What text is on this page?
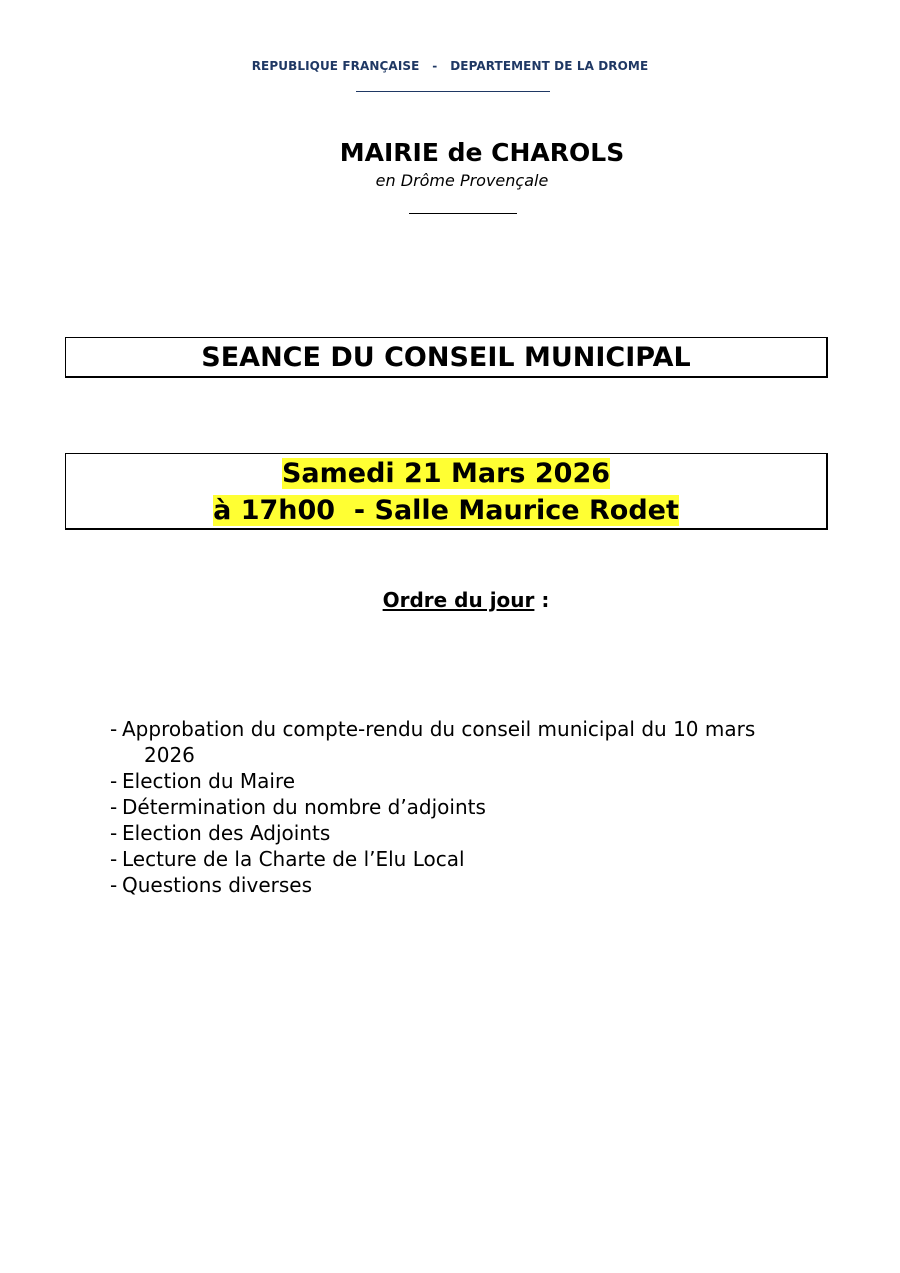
REPUBLIQUE FRANÇAISE - DEPARTEMENT DE LA DROME
MAIRIE de CHAROLS
en Drôme Provençale
SEANCE DU CONSEIL MUNICIPAL
Samedi 21 Mars 2026
à 17h00  - Salle Maurice Rodet
Ordre du jour :
- Approbation du compte-rendu du conseil municipal du 10 mars
2026
- Election du Maire
- Détermination du nombre d’adjoints
- Election des Adjoints
- Lecture de la Charte de l’Elu Local
- Questions diverses
